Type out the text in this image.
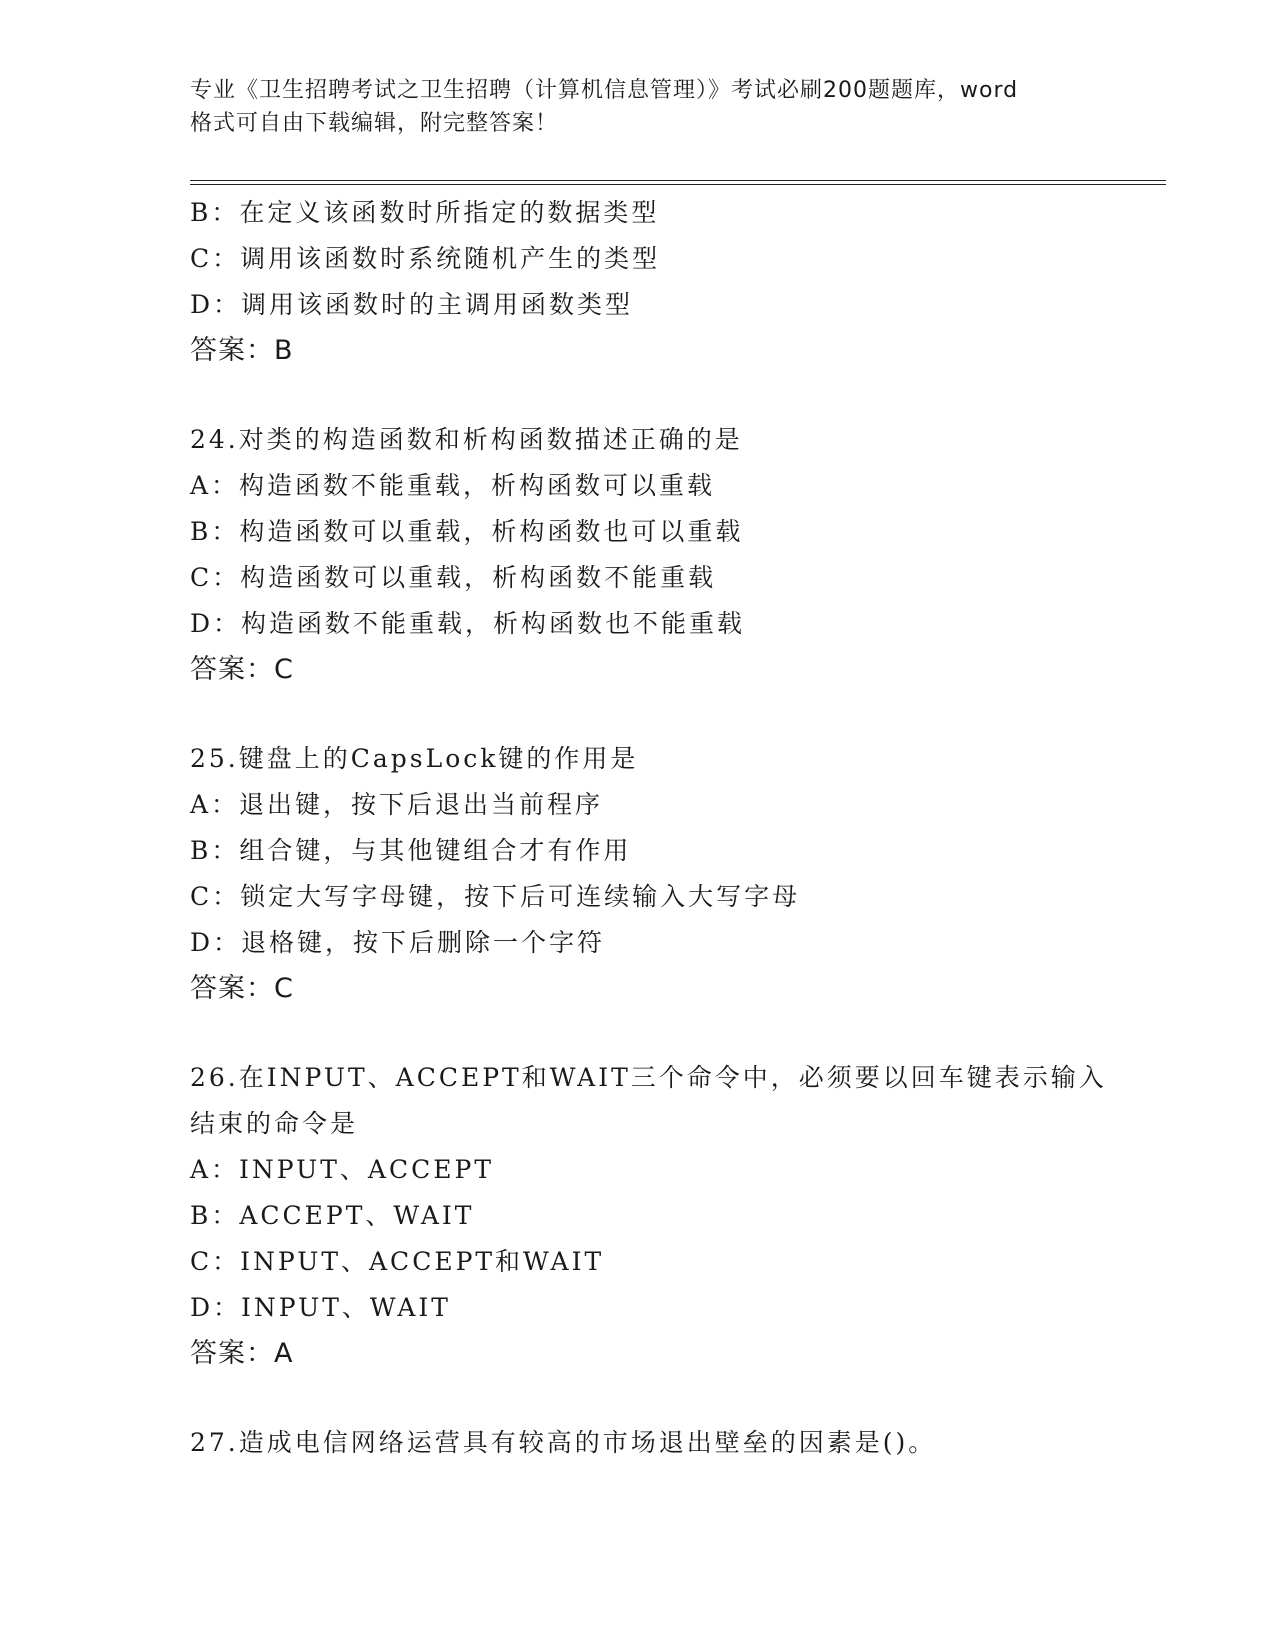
专业《卫生招聘考试之卫生招聘（计算机信息管理）》考试必刷200题题库，word
格式可自由下载编辑，附完整答案！
B：在定义该函数时所指定的数据类型
C：调用该函数时系统随机产生的类型
D：调用该函数时的主调用函数类型
答案：B
24.对类的构造函数和析构函数描述正确的是
A：构造函数不能重载，析构函数可以重载
B：构造函数可以重载，析构函数也可以重载
C：构造函数可以重载，析构函数不能重载
D：构造函数不能重载，析构函数也不能重载
答案：C
25.键盘上的CapsLock键的作用是
A：退出键，按下后退出当前程序
B：组合键，与其他键组合才有作用
C：锁定大写字母键，按下后可连续输入大写字母
D：退格键，按下后删除一个字符
答案：C
26.在INPUT、ACCEPT和WAIT三个命令中，必须要以回车键表示输入
结束的命令是
A：INPUT、ACCEPT
B：ACCEPT、WAIT
C：INPUT、ACCEPT和WAIT
D：INPUT、WAIT
答案：A
27.造成电信网络运营具有较高的市场退出壁垒的因素是()。
